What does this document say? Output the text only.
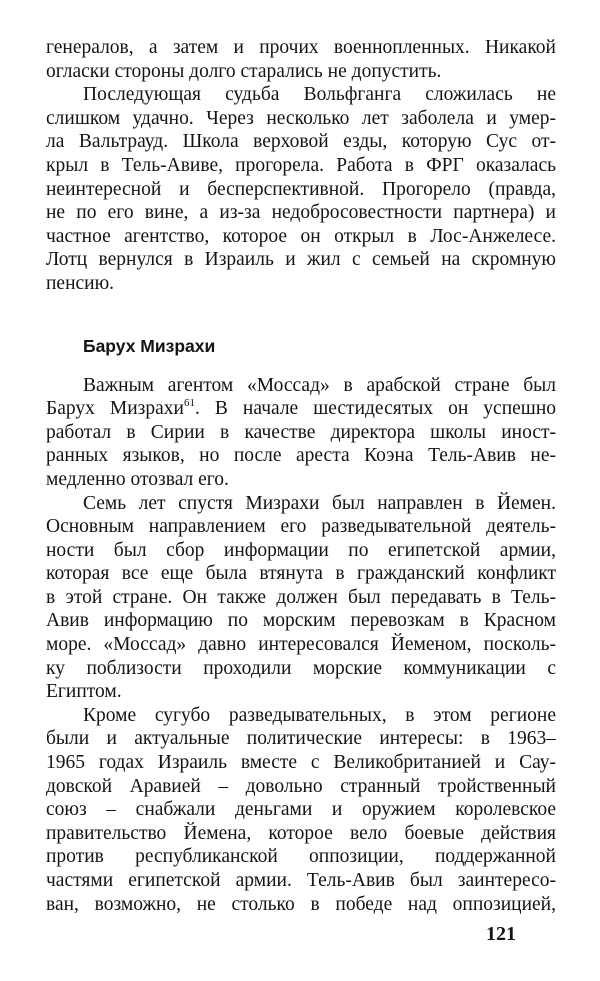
генералов, а затем и прочих военнопленных. Никакой
огласки стороны долго старались не допустить.
Последующая судьба Вольфганга сложилась не
слишком удачно. Через несколько лет заболела и умер-
ла Вальтрауд. Школа верховой езды, которую Сус от-
крыл в Тель-Авиве, прогорела. Работа в ФРГ оказалась
неинтересной и бесперспективной. Прогорело (правда,
не по его вине, а из-за недобросовестности партнера) и
частное агентство, которое он открыл в Лос-Анжелесе.
Лотц вернулся в Израиль и жил с семьей на скромную
пенсию.
Барух Мизрахи
Важным агентом «Моссад» в арабской стране был
Барух Мизрахи$^{61}$. В начале шестидесятых он успешно
работал в Сирии в качестве директора школы иност-
ранных языков, но после ареста Коэна Тель-Авив не-
медленно отозвал его.
Семь лет спустя Мизрахи был направлен в Йемен.
Основным направлением его разведывательной деятель-
ности был сбор информации по египетской армии,
которая все еще была втянута в гражданский конфликт
в этой стране. Он также должен был передавать в Тель-
Авив информацию по морским перевозкам в Красном
море. «Моссад» давно интересовался Йеменом, посколь-
ку поблизости проходили морские коммуникации с
Египтом.
Кроме сугубо разведывательных, в этом регионе
были и актуальные политические интересы: в 1963–
1965 годах Израиль вместе с Великобританией и Сау-
довской Аравией – довольно странный тройственный
союз – снабжали деньгами и оружием королевское
правительство Йемена, которое вело боевые действия
против республиканской оппозиции, поддержанной
частями египетской армии. Тель-Авив был заинтересо-
ван, возможно, не столько в победе над оппозицией,
121
